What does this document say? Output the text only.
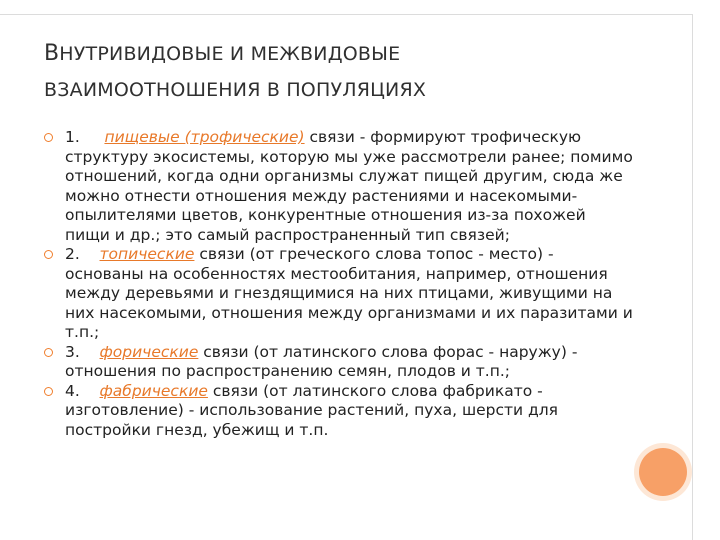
ВНУТРИВИДОВЫЕ И МЕЖВИДОВЫЕ
ВЗАИМООТНОШЕНИЯ В ПОПУЛЯЦИЯХ
1. пищевые (трофические) связи - формируют трофическую структуру экосистемы, которую мы уже рассмотрели ранее; помимо отношений, когда одни организмы служат пищей другим, сюда же можно отнести отношения между растениями и насекомыми-опылителями цветов, конкурентные отношения из-за похожей пищи и др.; это самый распространенный тип связей;
2. топические связи (от греческого слова топос - место) - основаны на особенностях местообитания, например, отношения между деревьями и гнездящимися на них птицами, живущими на них насекомыми, отношения между организмами и их паразитами и т.п.;
3. форические связи (от латинского слова форас - наружу) - отношения по распространению семян, плодов и т.п.;
4. фабрические связи (от латинского слова фабрикато - изготовление) - использование растений, пуха, шерсти для постройки гнезд, убежищ и т.п.
